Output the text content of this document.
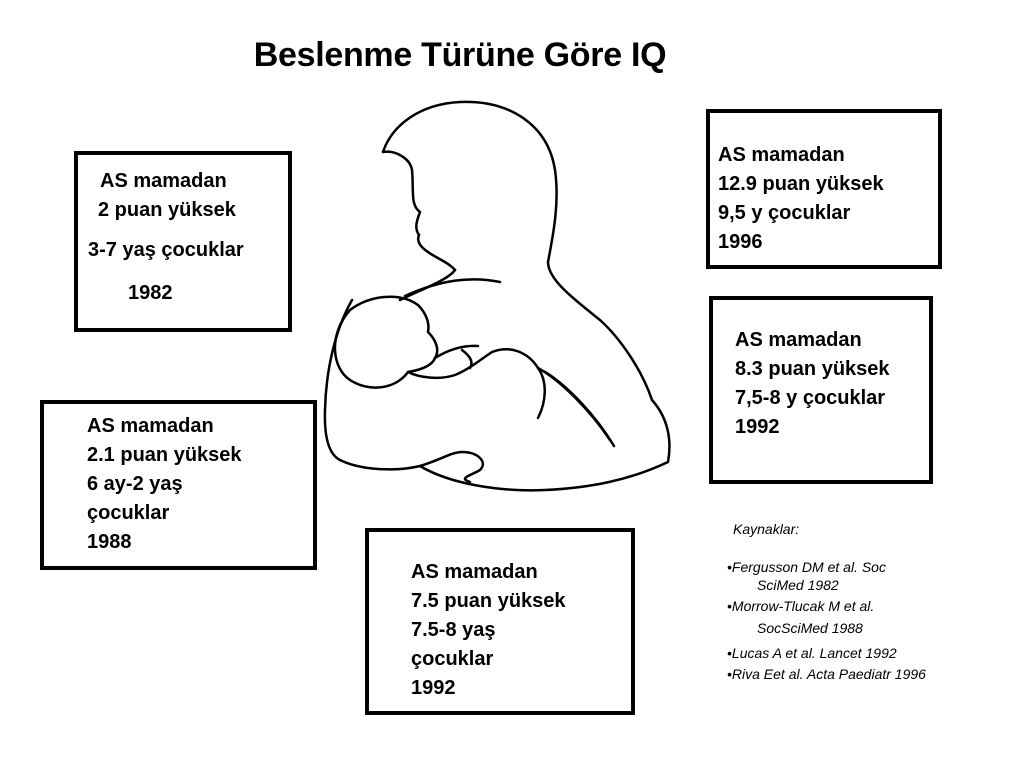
Beslenme Türüne Göre IQ
AS mamadan
2 puan yüksek
3-7 yaş çocuklar
1982
AS mamadan
2.1 puan yüksek
6 ay-2 yaş
çocuklar
1988
AS mamadan
7.5 puan yüksek
7.5-8 yaş
çocuklar
1992
AS mamadan
12.9 puan yüksek
9,5 y çocuklar
1996
AS mamadan
8.3 puan yüksek
7,5-8 y çocuklar
1992
Kaynaklar:
•Fergusson DM et al. Soc
SciMed 1982
•Morrow-Tlucak M et al.
SocSciMed 1988
•Lucas A et al. Lancet 1992
•Riva Eet al. Acta Paediatr 1996
